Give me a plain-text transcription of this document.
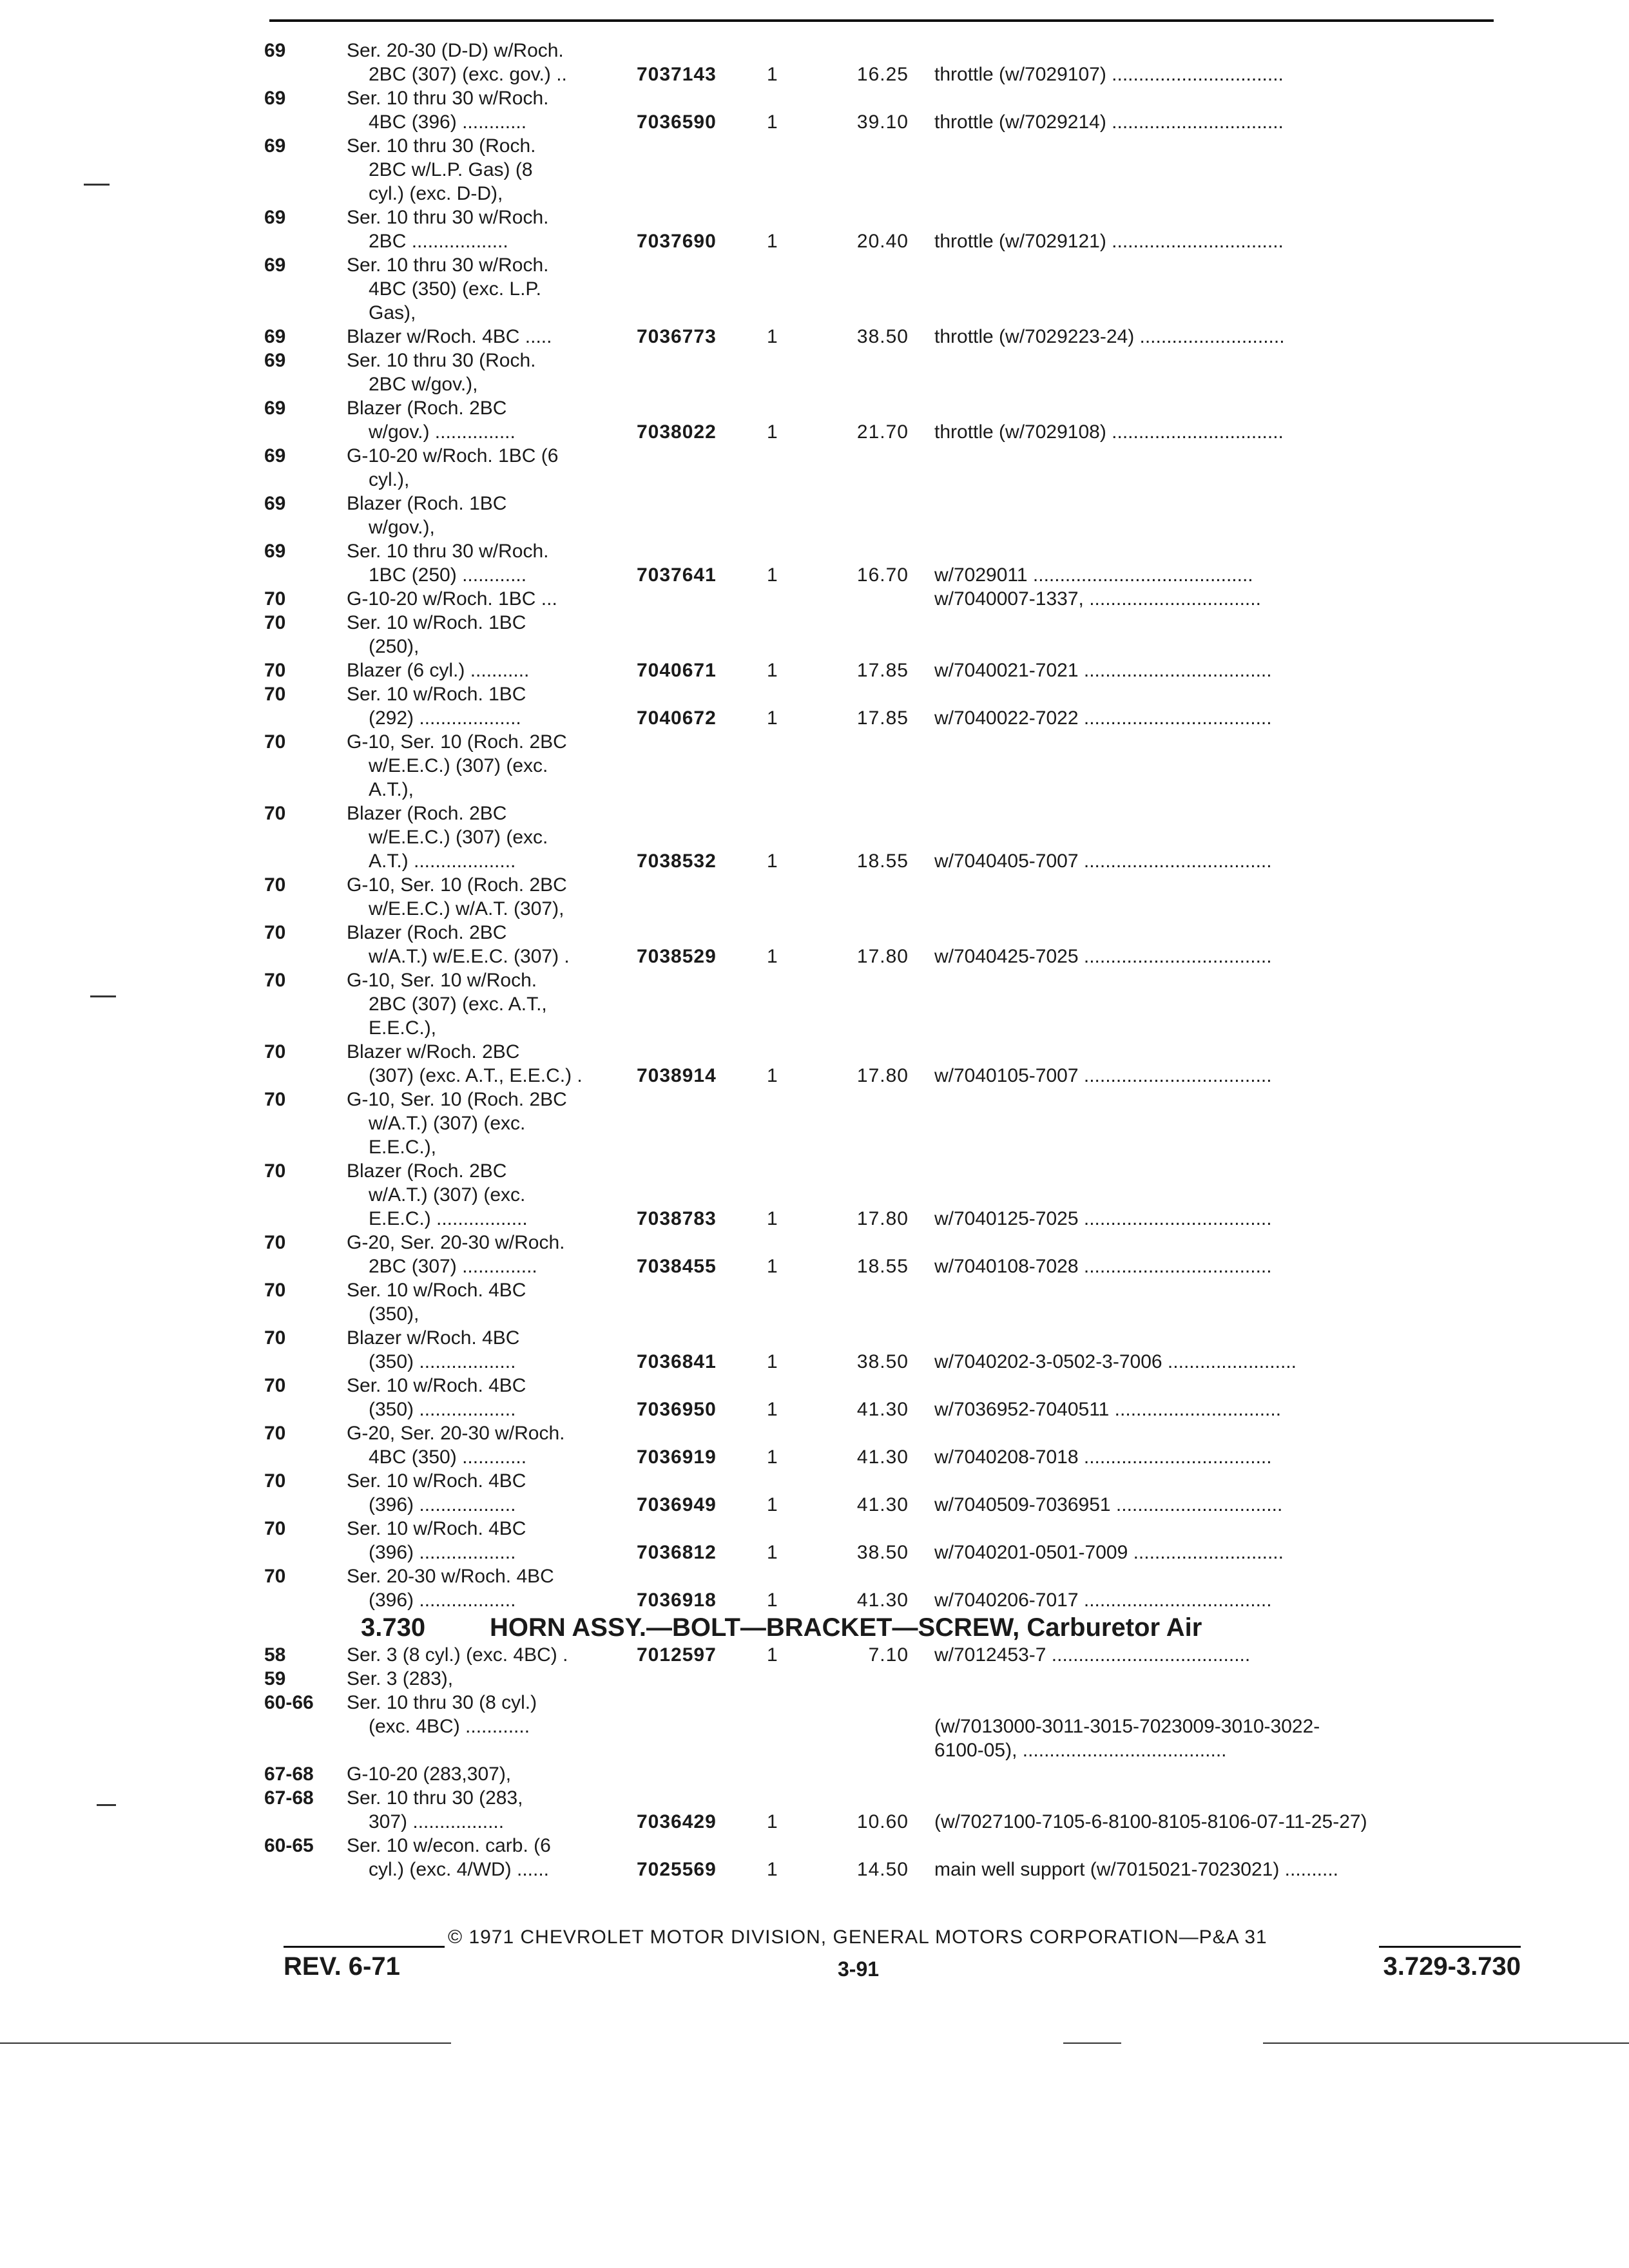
69	Ser. 20-30 (D-D) w/Roch.
2BC (307) (exc. gov.) ..	7037143	1	16.25 throttle (w/7029107) ................................
69	Ser. 10 thru 30 w/Roch.
4BC (396) ............	7036590	1	39.10 throttle (w/7029214) ................................
69	Ser. 10 thru 30 (Roch.
2BC w/L.P. Gas) (8
cyl.) (exc. D-D),
69	Ser. 10 thru 30 w/Roch.
2BC ..................	7037690	1	20.40 throttle (w/7029121) ................................
69	Ser. 10 thru 30 w/Roch.
4BC (350) (exc. L.P.
Gas),
69	Blazer w/Roch. 4BC .....	7036773	1	38.50 throttle (w/7029223-24) ...........................
69	Ser. 10 thru 30 (Roch.
2BC w/gov.),
69	Blazer (Roch. 2BC
w/gov.) ...............	7038022	1	21.70 throttle (w/7029108) ................................
69	G-10-20 w/Roch. 1BC (6
cyl.),
69	Blazer (Roch. 1BC
w/gov.),
69	Ser. 10 thru 30 w/Roch.
1BC (250) ............	7037641	1	16.70 w/7029011 .........................................
70	G-10-20 w/Roch. 1BC ...	w/7040007-1337, ................................
70	Ser. 10 w/Roch. 1BC
(250),
70	Blazer (6 cyl.) ...........	7040671	1	17.85 w/7040021-7021 ...................................
70	Ser. 10 w/Roch. 1BC
(292) ...................	7040672	1	17.85 w/7040022-7022 ...................................
70	G-10, Ser. 10 (Roch. 2BC
w/E.E.C.) (307) (exc.
A.T.),
70	Blazer (Roch. 2BC
w/E.E.C.) (307) (exc.
A.T.) ...................	7038532	1	18.55 w/7040405-7007 ...................................
70	G-10, Ser. 10 (Roch. 2BC
w/E.E.C.) w/A.T. (307),
70	Blazer (Roch. 2BC
w/A.T.) w/E.E.C. (307) .	7038529	1	17.80 w/7040425-7025 ...................................
70	G-10, Ser. 10 w/Roch.
2BC (307) (exc. A.T.,
E.E.C.),
70	Blazer w/Roch. 2BC
(307) (exc. A.T., E.E.C.) .	7038914	1	17.80 w/7040105-7007 ...................................
70	G-10, Ser. 10 (Roch. 2BC
w/A.T.) (307) (exc.
E.E.C.),
70	Blazer (Roch. 2BC
w/A.T.) (307) (exc.
E.E.C.) .................	7038783	1	17.80 w/7040125-7025 ...................................
70	G-20, Ser. 20-30 w/Roch.
2BC (307) ..............	7038455	1	18.55 w/7040108-7028 ...................................
70	Ser. 10 w/Roch. 4BC
(350),
70	Blazer w/Roch. 4BC
(350) ..................	7036841	1	38.50 w/7040202-3-0502-3-7006 ........................
70	Ser. 10 w/Roch. 4BC
(350) ..................	7036950	1	41.30 w/7036952-7040511 ...............................
70	G-20, Ser. 20-30 w/Roch.
4BC (350) ............	7036919	1	41.30 w/7040208-7018 ...................................
70	Ser. 10 w/Roch. 4BC
(396) ..................	7036949	1	41.30 w/7040509-7036951 ...............................
70	Ser. 10 w/Roch. 4BC
(396) ..................	7036812	1	38.50 w/7040201-0501-7009 ............................
70	Ser. 20-30 w/Roch. 4BC
(396) ..................	7036918	1	41.30 w/7040206-7017 ...................................
3.730 HORN ASSY.—BOLT—BRACKET—SCREW, Carburetor Air
58	Ser. 3 (8 cyl.) (exc. 4BC) .	7012597	1	7.10 w/7012453-7 .....................................
59	Ser. 3 (283),
60-66 Ser. 10 thru 30 (8 cyl.)
(exc. 4BC) ............	(w/7013000-3011-3015-7023009-3010-3022-
6100-05), ......................................
67-68 G-10-20 (283,307),
67-68 Ser. 10 thru 30 (283,
307) .................	7036429	1	10.60 (w/7027100-7105-6-8100-8105-8106-07-11-25-27)
60-65 Ser. 10 w/econ. carb. (6
cyl.) (exc. 4/WD) ......	7025569	1	14.50 main well support (w/7015021-7023021) ..........
© 1971 CHEVROLET MOTOR DIVISION, GENERAL MOTORS CORPORATION—P&A 31
REV. 6-71	3-91	3.729-3.730
